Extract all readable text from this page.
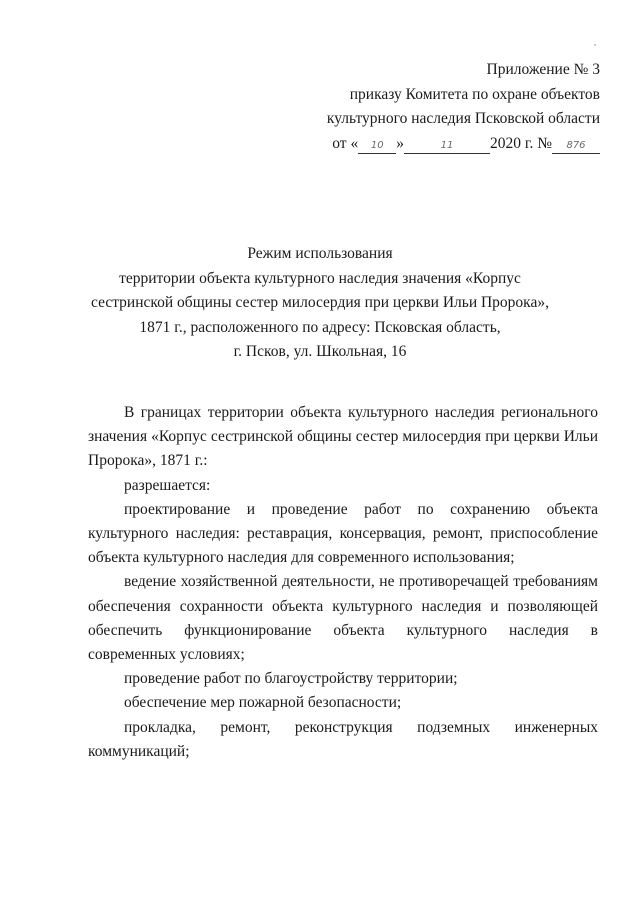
Приложение № 3
приказу Комитета по охране объектов
культурного наследия Псковской области
от « 10 »	11 2020 г. № 876
Режим использования
территории объекта культурного наследия значения «Корпус
сестринской общины сестер милосердия при церкви Ильи Пророка»,
1871 г., расположенного по адресу: Псковская область,
г. Псков, ул. Школьная, 16

В границах территории объекта культурного наследия регионального значения «Корпус сестринской общины сестер милосердия при церкви Ильи Пророка», 1871 г.:

разрешается:

проектирование и проведение работ по сохранению объекта культурного наследия: реставрация, консервация, ремонт, приспособление объекта культурного наследия для современного использования;

ведение хозяйственной деятельности, не противоречащей требованиям обеспечения сохранности объекта культурного наследия и позволяющей обеспечить функционирование объекта культурного наследия в современных условиях;

проведение работ по благоустройству территории;

обеспечение мер пожарной безопасности;

прокладка, ремонт, реконструкция подземных инженерных коммуникаций;
